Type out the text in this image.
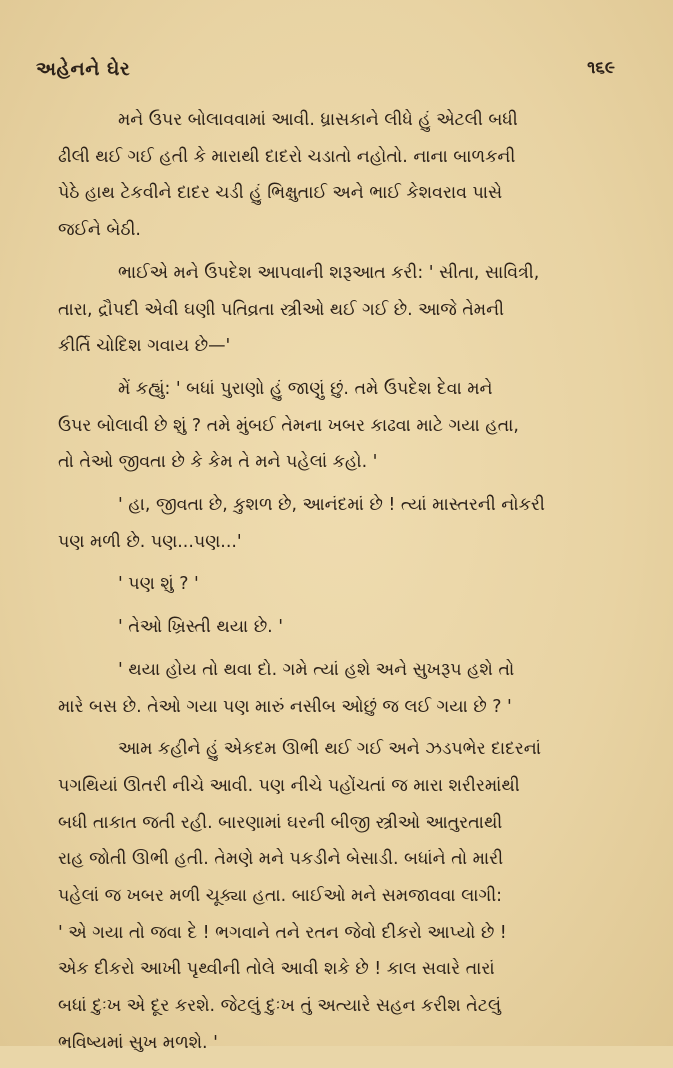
અહેનને ઘેર	૧૬૯

મને ઉપર બોલાવવામાં આવી. ધ્રાસકાને લીધે હું એટલી બધી
ઢીલી થઈ ગઈ હતી કે મારાથી દાદરો ચડાતો નહોતો. નાના બાળકની
પેઠે હાથ ટેકવીને દાદર ચડી હું ભિક્ષુતાઈ અને ભાઈ કેશવરાવ પાસે
જઈને બેઠી.

ભાઈએ મને ઉપદેશ આપવાની શરૂઆત કરી: ' સીતા, સાવિત્રી,
તારા, દ્રૌપદી એવી ઘણી પતિવ્રતા સ્ત્રીઓ થઈ ગઈ છે. આજે તેમની
કીર્તિ ચોદિશ ગવાય છે—'

મેં કહ્યું: ' બધાં પુરાણો હું જાણું છું. તમે ઉપદેશ દેવા મને
ઉપર બોલાવી છે શું ? તમે મુંબઈ તેમના ખબર કાઢવા માટે ગયા હતા,
તો તેઓ જીવતા છે કે કેમ તે મને પહેલાં કહો. '

' હા, જીવતા છે, કુશળ છે, આનંદમાં છે ! ત્યાં માસ્તરની નોકરી
પણ મળી છે. પણ...પણ...'

' પણ શું ? '

' તેઓ ખ્રિસ્તી થયા છે. '

' થયા હોય તો થવા દો. ગમે ત્યાં હશે અને સુખરૂપ હશે તો
મારે બસ છે. તેઓ ગયા પણ મારું નસીબ ઓછું જ લઈ ગયા છે ? '

આમ કહીને હું એકદમ ઊભી થઈ ગઈ અને ઝડપભેર દાદરનાં
પગથિયાં ઊતરી નીચે આવી. પણ નીચે પહોંચતાં જ મારા શરીરમાંથી
બધી તાકાત જતી રહી. બારણામાં ઘરની બીજી સ્ત્રીઓ આતુરતાથી
રાહ જોતી ઊભી હતી. તેમણે મને પકડીને બેસાડી. બધાંને તો મારી
પહેલાં જ ખબર મળી ચૂક્યા હતા. બાઈઓ મને સમજાવવા લાગી:
' એ ગયા તો જવા દે ! ભગવાને તને રતન જેવો દીકરો આપ્યો છે !
એક દીકરો આખી પૃથ્વીની તોલે આવી શકે છે ! કાલ સવારે તારાં
બધાં દુઃખ એ દૂર કરશે. જેટલું દુઃખ તું અત્યારે સહન કરીશ તેટલું
ભવિષ્યમાં સુખ મળશે. '
